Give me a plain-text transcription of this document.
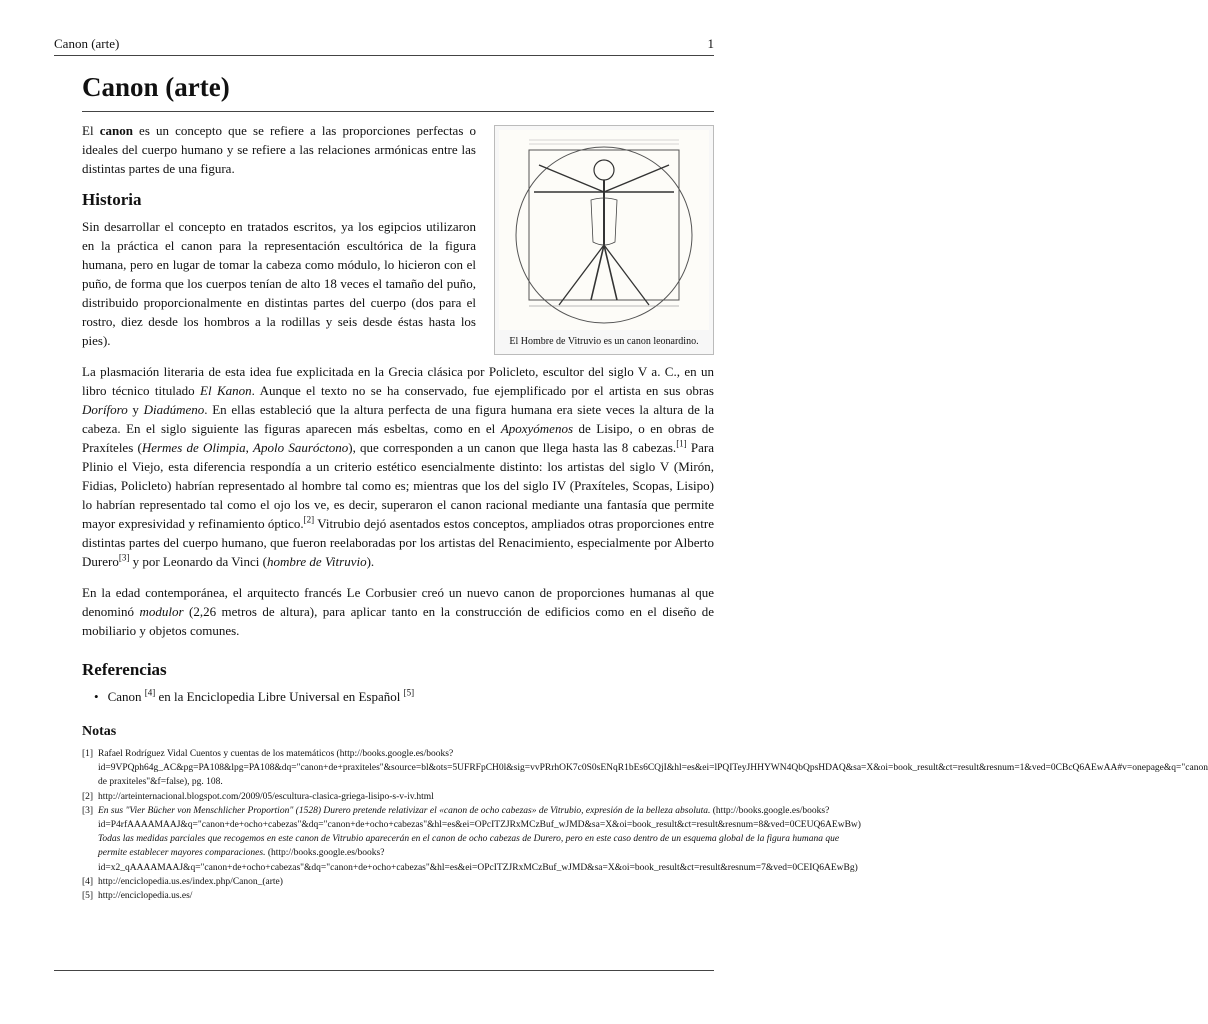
Canon (arte)	1
Canon (arte)
El Hombre de Vitruvio es un canon leonardino.

El canon es un concepto que se refiere a las proporciones perfectas o ideales del cuerpo humano y se refiere a las relaciones armónicas entre las distintas partes de una figura.

Historia

Sin desarrollar el concepto en tratados escritos, ya los egipcios utilizaron en la práctica el canon para la representación escultórica de la figura humana, pero en lugar de tomar la cabeza como módulo, lo hicieron con el puño, de forma que los cuerpos tenían de alto 18 veces el tamaño del puño, distribuido proporcionalmente en distintas partes del cuerpo (dos para el rostro, diez desde los hombros a la rodillas y seis desde éstas hasta los pies).

La plasmación literaria de esta idea fue explicitada en la Grecia clásica por Policleto, escultor del siglo V a. C., en un libro técnico titulado El Kanon. Aunque el texto no se ha conservado, fue ejemplificado por el artista en sus obras Doríforo y Diadúmeno. En ellas estableció que la altura perfecta de una figura humana era siete veces la altura de la cabeza. En el siglo siguiente las figuras aparecen más esbeltas, como en el Apoxyómenos de Lisipo, o en obras de Praxíteles (Hermes de Olimpia, Apolo Sauróctono), que corresponden a un canon que llega hasta las 8 cabezas.[1] Para Plinio el Viejo, esta diferencia respondía a un criterio estético esencialmente distinto: los artistas del siglo V (Mirón, Fidias, Policleto) habrían representado al hombre tal como es; mientras que los del siglo IV (Praxíteles, Scopas, Lisipo) lo habrían representado tal como el ojo los ve, es decir, superaron el canon racional mediante una fantasía que permite mayor expresividad y refinamiento óptico.[2] Vitrubio dejó asentados estos conceptos, ampliados otras proporciones entre distintas partes del cuerpo humano, que fueron reelaboradas por los artistas del Renacimiento, especialmente por Alberto Durero[3] y por Leonardo da Vinci (hombre de Vitruvio).

En la edad contemporánea, el arquitecto francés Le Corbusier creó un nuevo canon de proporciones humanas al que denominó modulor (2,26 metros de altura), para aplicar tanto en la construcción de edificios como en el diseño de mobiliario y objetos comunes.

Referencias
• Canon [4] en la Enciclopedia Libre Universal en Español [5]
Notas
[1] Rafael Rodríguez Vidal Cuentos y cuentas de los matemáticos (http://books.google.es/books?id=9VPQph64g_AC&pg=PA108&lpg=PA108&dq="canon+de+praxiteles"&source=bl&ots=5UFRFpCH0l&sig=vvPRrhOK7c0S0sENqR1bEs6CQjI&hl=es&ei=lPQITeyJHHYWN4QbQpsHDAQ&sa=X&oi=book_result&ct=result&resnum=1&ved=0CBcQ6AEwAA#v=onepage&q="canon de praxiteles"&f=false), pg. 108.
[2] http://arteinternacional.blogspot.com/2009/05/escultura-clasica-griega-lisipo-s-v-iv.html
[3] En sus "Vier Bücher von Menschlicher Proportion" (1528) Durero pretende relativizar el «canon de ocho cabezas» de Vitrubio, expresión de la belleza absoluta. (http://books.google.es/books?id=P4rfAAAAMAAJ&q="canon+de+ocho+cabezas"&dq="canon+de+ocho+cabezas"&hl=es&ei=OPcITZJRxMCzBuf_wJMD&sa=X&oi=book_result&ct=result&resnum=8&ved=0CEUQ6AEwBw) Todas las medidas parciales que recogemos en este canon de Vitrubio aparecerán en el canon de ocho cabezas de Durero, pero en este caso dentro de un esquema global de la figura humana que permite establecer mayores comparaciones. (http://books.google.es/books?id=x2_qAAAAMAAJ&q="canon+de+ocho+cabezas"&dq="canon+de+ocho+cabezas"&hl=es&ei=OPcITZJRxMCzBuf_wJMD&sa=X&oi=book_result&ct=result&resnum=7&ved=0CEIQ6AEwBg)
[4] http://enciclopedia.us.es/index.php/Canon_(arte)
[5] http://enciclopedia.us.es/
